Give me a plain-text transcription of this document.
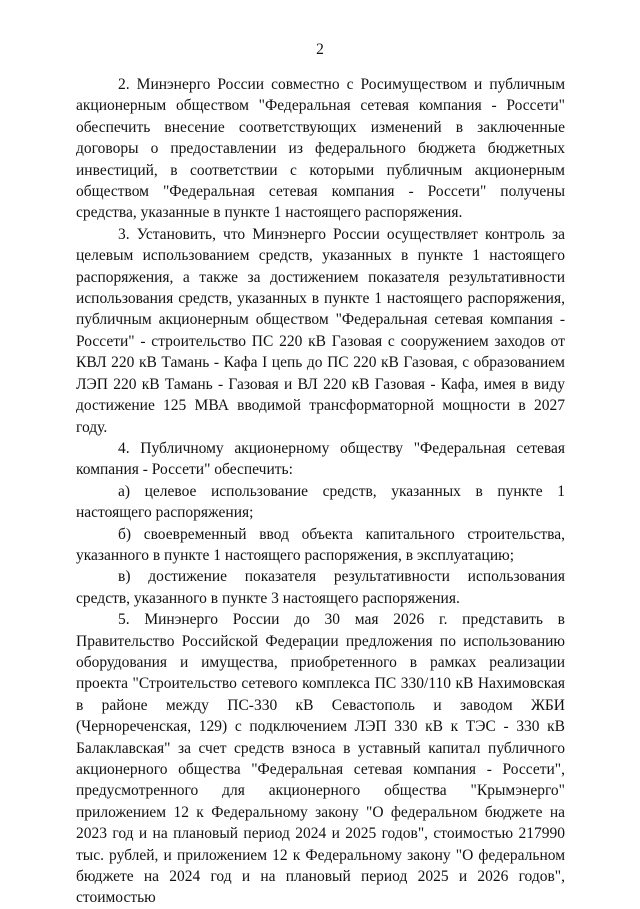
2

2. Минэнерго России совместно с Росимуществом и публичным акционерным обществом "Федеральная сетевая компания - Россети" обеспечить внесение соответствующих изменений в заключенные договоры о предоставлении из федерального бюджета бюджетных инвестиций, в соответствии с которыми публичным акционерным обществом "Федеральная сетевая компания - Россети" получены средства, указанные в пункте 1 настоящего распоряжения.

3. Установить, что Минэнерго России осуществляет контроль за целевым использованием средств, указанных в пункте 1 настоящего распоряжения, а также за достижением показателя результативности использования средств, указанных в пункте 1 настоящего распоряжения, публичным акционерным обществом "Федеральная сетевая компания - Россети" - строительство ПС 220 кВ Газовая с сооружением заходов от КВЛ 220 кВ Тамань - Кафа I цепь до ПС 220 кВ Газовая, с образованием ЛЭП 220 кВ Тамань - Газовая и ВЛ 220 кВ Газовая - Кафа, имея в виду достижение 125 МВА вводимой трансформаторной мощности в 2027 году.

4. Публичному акционерному обществу "Федеральная сетевая компания - Россети" обеспечить:

а) целевое использование средств, указанных в пункте 1 настоящего распоряжения;

б) своевременный ввод объекта капитального строительства, указанного в пункте 1 настоящего распоряжения, в эксплуатацию;

в) достижение показателя результативности использования средств, указанного в пункте 3 настоящего распоряжения.

5. Минэнерго России до 30 мая 2026 г. представить в Правительство Российской Федерации предложения по использованию оборудования и имущества, приобретенного в рамках реализации проекта "Строительство сетевого комплекса ПС 330/110 кВ Нахимовская в районе между ПС-330 кВ Севастополь и заводом ЖБИ (Чернореченская, 129) с подключением ЛЭП 330 кВ к ТЭС - 330 кВ Балаклавская" за счет средств взноса в уставный капитал публичного акционерного общества "Федеральная сетевая компания - Россети", предусмотренного для акционерного общества "Крымэнерго" приложением 12 к Федеральному закону "О федеральном бюджете на 2023 год и на плановый период 2024 и 2025 годов", стоимостью 217990 тыс. рублей, и приложением 12 к Федеральному закону "О федеральном бюджете на 2024 год и на плановый период 2025 и 2026 годов", стоимостью
